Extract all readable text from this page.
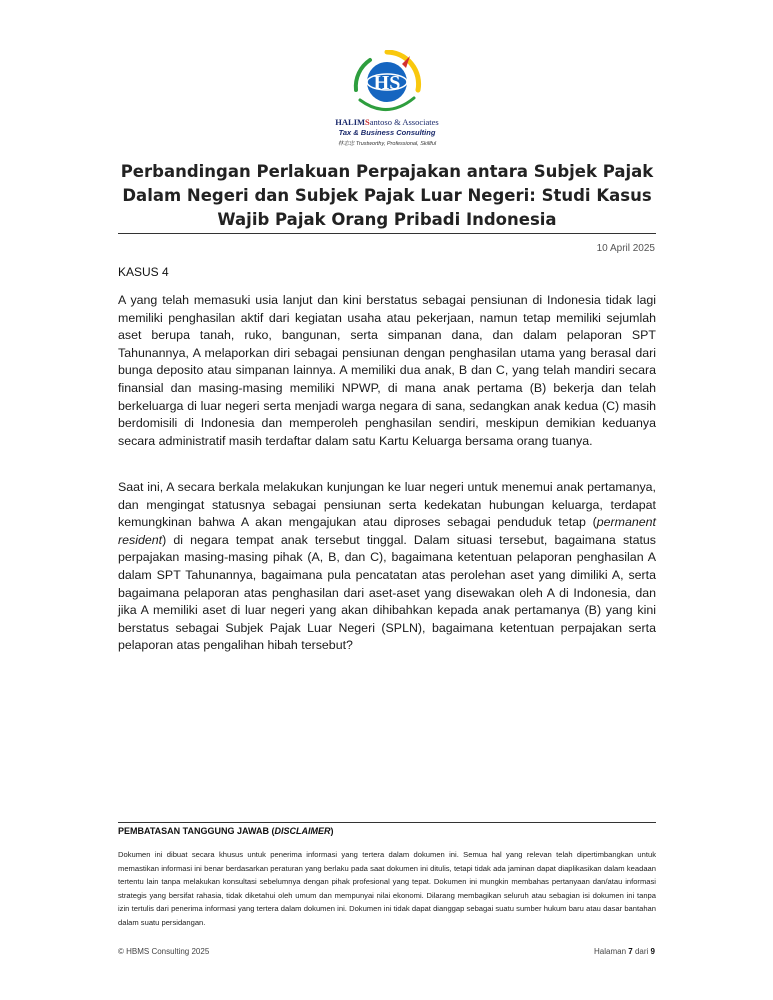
HS
HALIMSantoso & Associates
Tax & Business Consulting
林志忠 Trustworthy, Professional, Skillful
Perbandingan Perlakuan Perpajakan antara Subjek Pajak Dalam Negeri dan Subjek Pajak Luar Negeri: Studi Kasus Wajib Pajak Orang Pribadi Indonesia
10 April 2025
KASUS 4

A yang telah memasuki usia lanjut dan kini berstatus sebagai pensiunan di Indonesia tidak lagi memiliki penghasilan aktif dari kegiatan usaha atau pekerjaan, namun tetap memiliki sejumlah aset berupa tanah, ruko, bangunan, serta simpanan dana, dan dalam pelaporan SPT Tahunannya, A melaporkan diri sebagai pensiunan dengan penghasilan utama yang berasal dari bunga deposito atau simpanan lainnya. A memiliki dua anak, B dan C, yang telah mandiri secara finansial dan masing-masing memiliki NPWP, di mana anak pertama (B) bekerja dan telah berkeluarga di luar negeri serta menjadi warga negara di sana, sedangkan anak kedua (C) masih berdomisili di Indonesia dan memperoleh penghasilan sendiri, meskipun demikian keduanya secara administratif masih terdaftar dalam satu Kartu Keluarga bersama orang tuanya.

Saat ini, A secara berkala melakukan kunjungan ke luar negeri untuk menemui anak pertamanya, dan mengingat statusnya sebagai pensiunan serta kedekatan hubungan keluarga, terdapat kemungkinan bahwa A akan mengajukan atau diproses sebagai penduduk tetap (permanent resident) di negara tempat anak tersebut tinggal. Dalam situasi tersebut, bagaimana status perpajakan masing-masing pihak (A, B, dan C), bagaimana ketentuan pelaporan penghasilan A dalam SPT Tahunannya, bagaimana pula pencatatan atas perolehan aset yang dimiliki A, serta bagaimana pelaporan atas penghasilan dari aset-aset yang disewakan oleh A di Indonesia, dan jika A memiliki aset di luar negeri yang akan dihibahkan kepada anak pertamanya (B) yang kini berstatus sebagai Subjek Pajak Luar Negeri (SPLN), bagaimana ketentuan perpajakan serta pelaporan atas pengalihan hibah tersebut?

PEMBATASAN TANGGUNG JAWAB (DISCLAIMER)

Dokumen ini dibuat secara khusus untuk penerima informasi yang tertera dalam dokumen ini. Semua hal yang relevan telah dipertimbangkan untuk memastikan informasi ini benar berdasarkan peraturan yang berlaku pada saat dokumen ini ditulis, tetapi tidak ada jaminan dapat diaplikasikan dalam keadaan tertentu lain tanpa melakukan konsultasi sebelumnya dengan pihak profesional yang tepat. Dokumen ini mungkin membahas pertanyaan dan/atau informasi strategis yang bersifat rahasia, tidak diketahui oleh umum dan mempunyai nilai ekonomi. Dilarang membagikan seluruh atau sebagian isi dokumen ini tanpa izin tertulis dari penerima informasi yang tertera dalam dokumen ini. Dokumen ini tidak dapat dianggap sebagai suatu sumber hukum baru atau dasar bantahan dalam suatu persidangan.

© HBMS Consulting 2025	Halaman 7 dari 9
